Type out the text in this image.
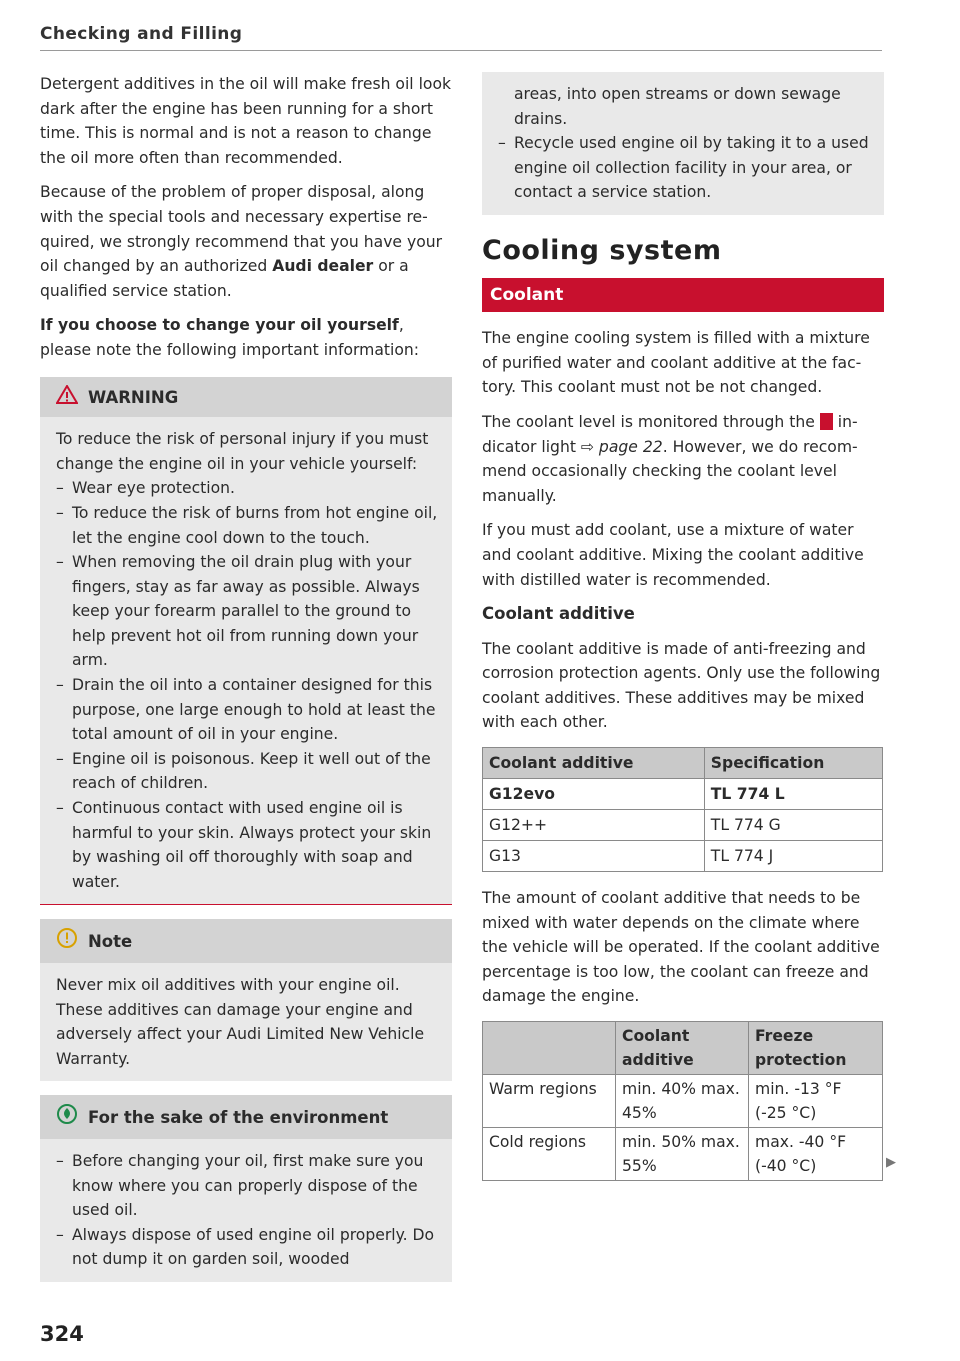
Checking and Filling

Detergent additives in the oil will make fresh oil look dark after the engine has been running for a short time. This is normal and is not a reason to change the oil more often than recommended.

Because of the problem of proper disposal, along with the special tools and necessary expertise required, we strongly recommend that you have your oil changed by an authorized Audi dealer or a qualified service station.

If you choose to change your oil yourself, please note the following important information:

WARNING
To reduce the risk of personal injury if you must change the engine oil in your vehicle yourself:
– Wear eye protection.
– To reduce the risk of burns from hot engine oil, let the engine cool down to the touch.
– When removing the oil drain plug with your fingers, stay as far away as possible. Always keep your forearm parallel to the ground to help prevent hot oil from running down your arm.
– Drain the oil into a container designed for this purpose, one large enough to hold at least the total amount of oil in your engine.
– Engine oil is poisonous. Keep it well out of the reach of children.
– Continuous contact with used engine oil is harmful to your skin. Always protect your skin by washing oil off thoroughly with soap and water.
Note
Never mix oil additives with your engine oil. These additives can damage your engine and adversely affect your Audi Limited New Vehicle Warranty.
For the sake of the environment
– Before changing your oil, first make sure you know where you can properly dispose of the used oil.
– Always dispose of used engine oil properly. Do not dump it on garden soil, wooded
areas, into open streams or down sewage drains.
– Recycle used engine oil by taking it to a used engine oil collection facility in your area, or contact a service station.
Cooling system
Coolant

The engine cooling system is filled with a mixture of purified water and coolant additive at the factory. This coolant must not be not changed.

The coolant level is monitored through the  indicator light ⇨ page 22. However, we do recommend occasionally checking the coolant level manually.

If you must add coolant, use a mixture of water and coolant additive. Mixing the coolant additive with distilled water is recommended.

Coolant additive

The coolant additive is made of anti-freezing and corrosion protection agents. Only use the following coolant additives. These additives may be mixed with each other.

Coolant additive	Specification
G12evo	TL 774 L
G12++	TL 774 G
G13	TL 774 J

The amount of coolant additive that needs to be mixed with water depends on the climate where the vehicle will be operated. If the coolant additive percentage is too low, the coolant can freeze and damage the engine.

	Coolant additive	Freeze protection
Warm regions	min. 40% max. 45%	min. -13 °F (-25 °C)
Cold regions	min. 50% max. 55%	max. -40 °F (-40 °C)	▶
324
